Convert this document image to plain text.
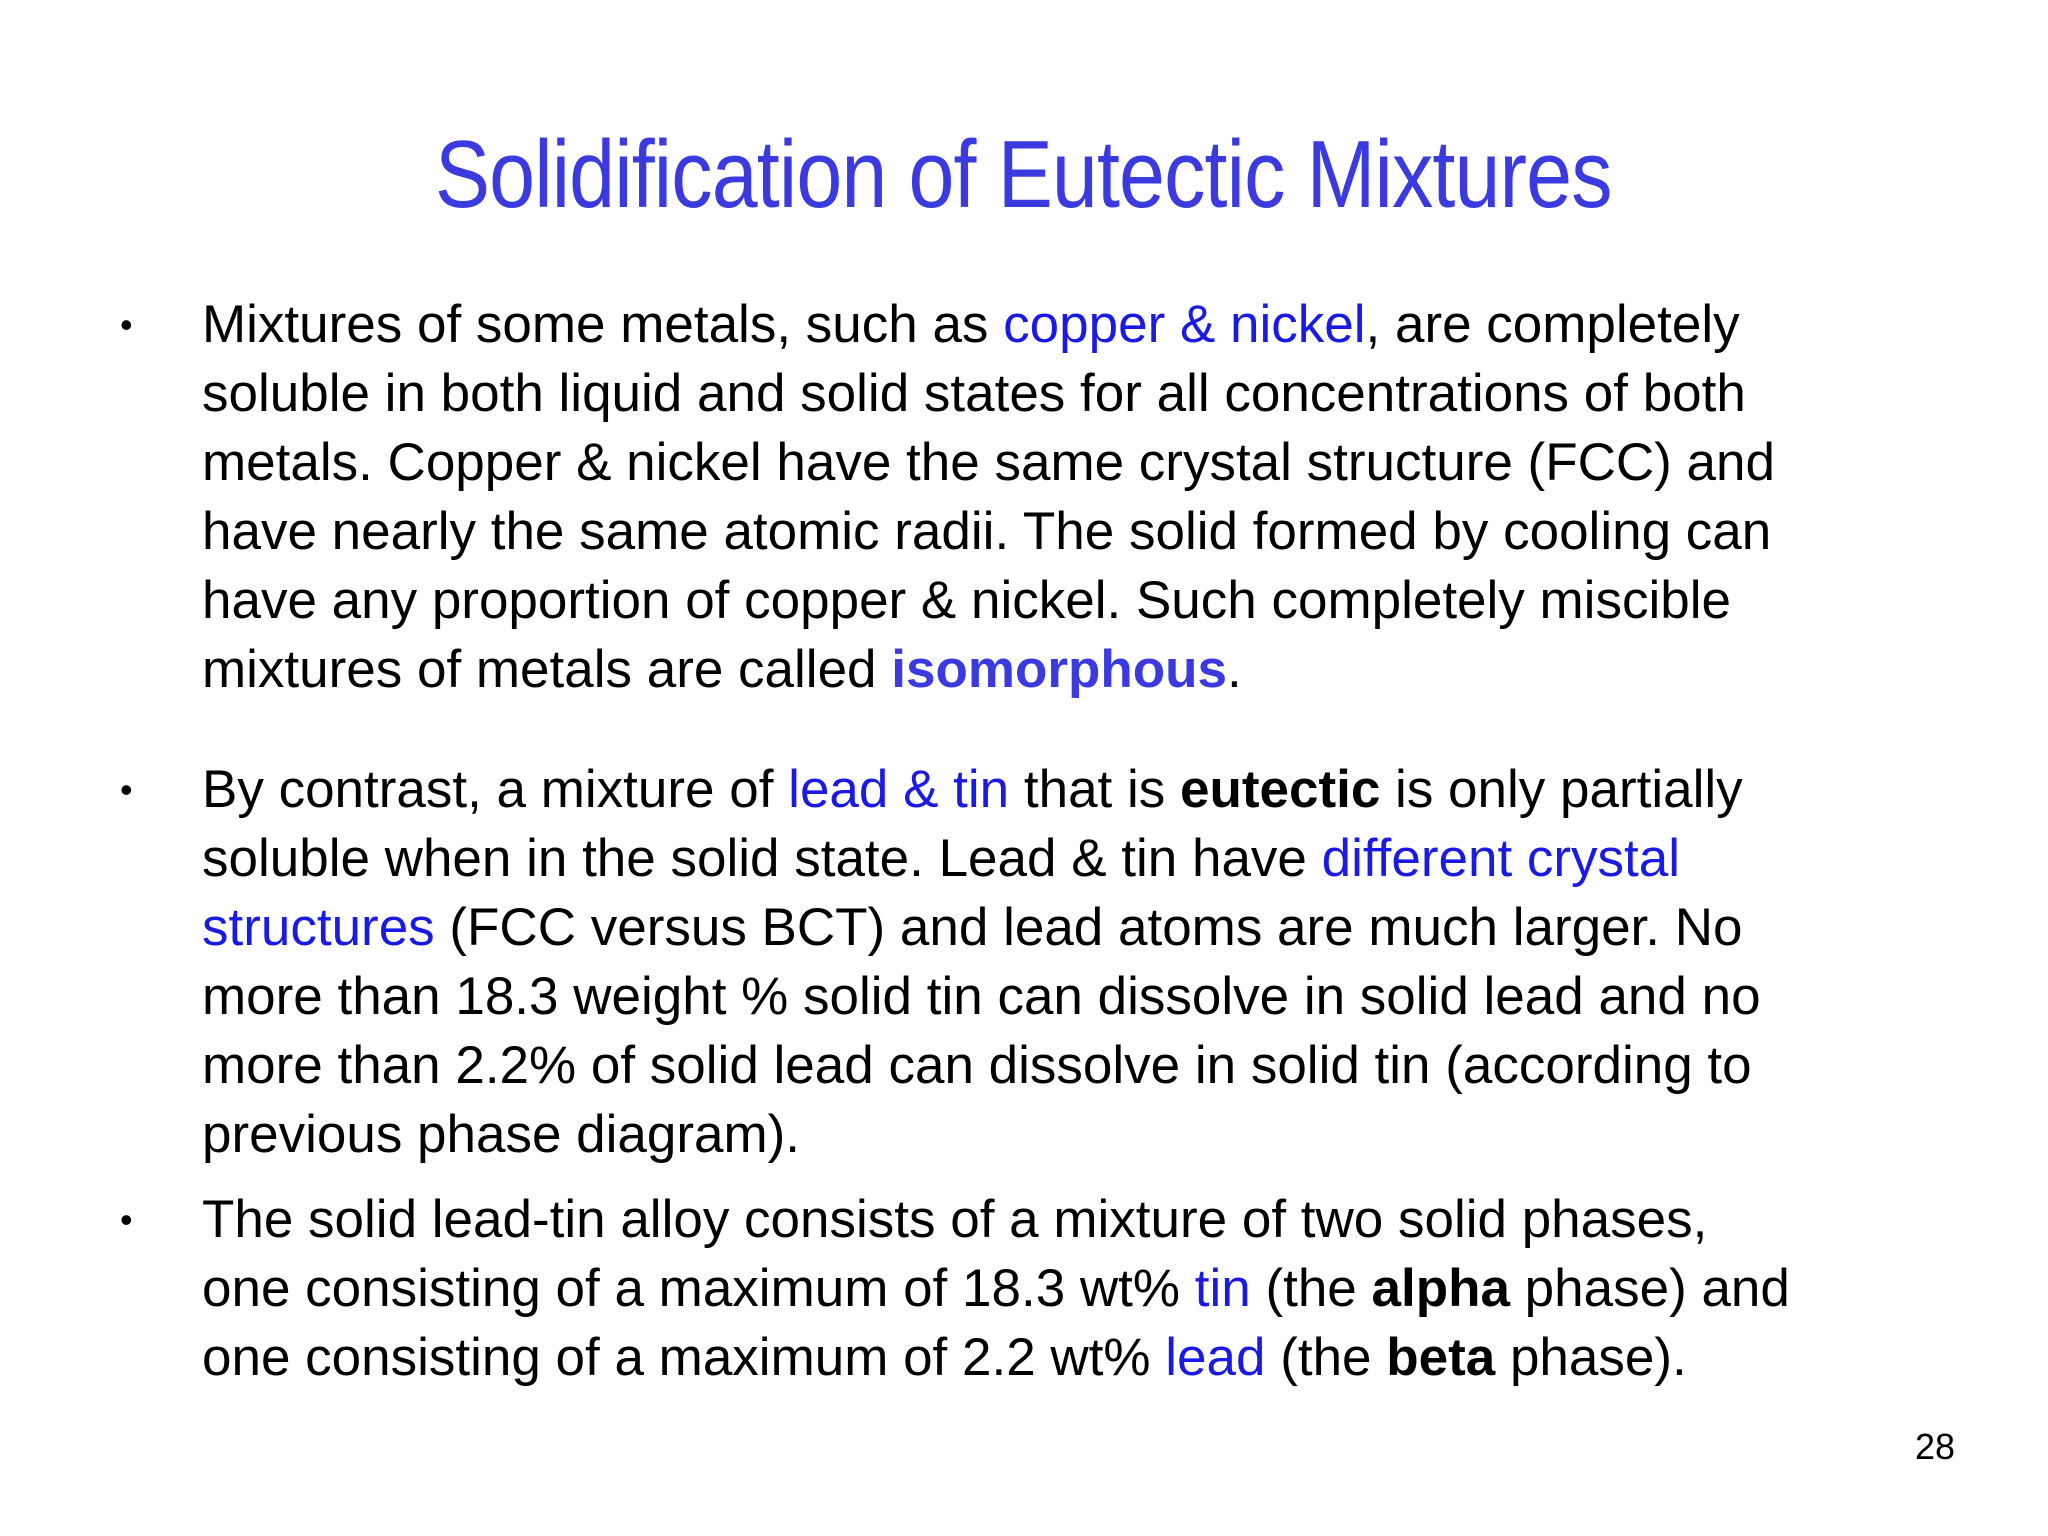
Solidification of Eutectic Mixtures
•	Mixtures of some metals, such as copper & nickel, are completely
soluble in both liquid and solid states for all concentrations of both
metals. Copper & nickel have the same crystal structure (FCC) and
have nearly the same atomic radii. The solid formed by cooling can
have any proportion of copper & nickel. Such completely miscible
mixtures of metals are called isomorphous.
•	By contrast, a mixture of lead & tin that is eutectic is only partially
soluble when in the solid state. Lead & tin have different crystal
structures (FCC versus BCT) and lead atoms are much larger. No
more than 18.3 weight % solid tin can dissolve in solid lead and no
more than 2.2% of solid lead can dissolve in solid tin (according to
previous phase diagram).
•	The solid lead-tin alloy consists of a mixture of two solid phases,
one consisting of a maximum of 18.3 wt% tin (the alpha phase) and
one consisting of a maximum of 2.2 wt% lead (the beta phase).
28
